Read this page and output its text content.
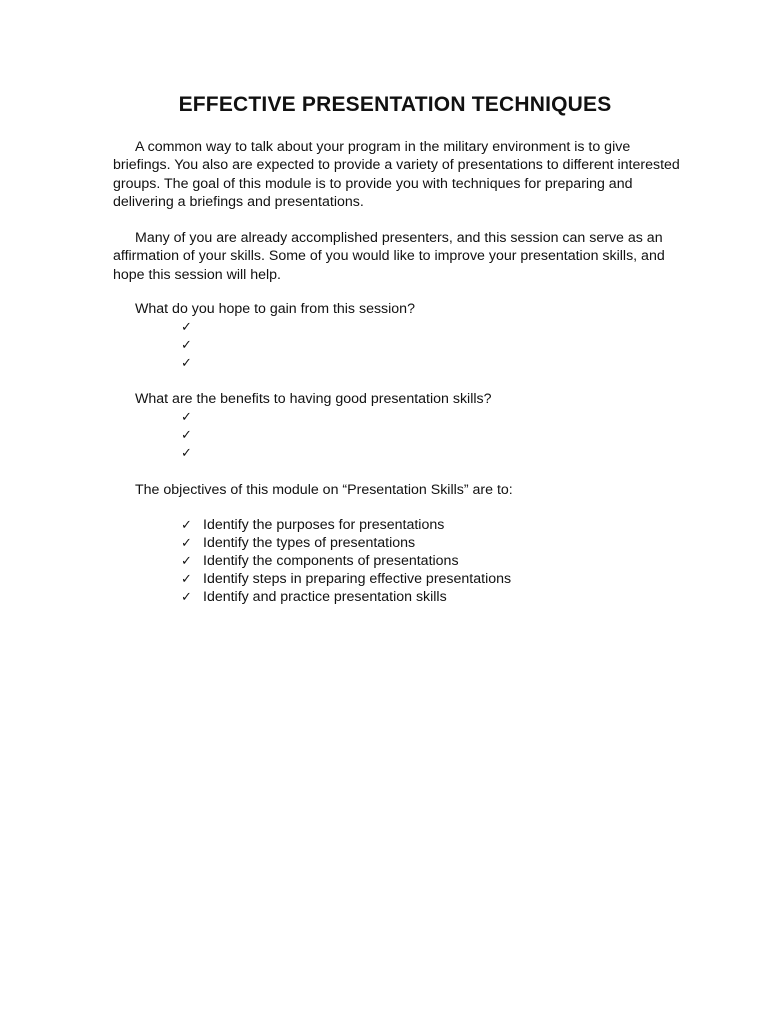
EFFECTIVE PRESENTATION TECHNIQUES
A common way to talk about your program in the military environment is to give briefings. You also are expected to provide a variety of presentations to different interested groups. The goal of this module is to provide you with techniques for preparing and delivering a briefings and presentations.
Many of you are already accomplished presenters, and this session can serve as an affirmation of your skills. Some of you would like to improve your presentation skills, and hope this session will help.
What do you hope to gain from this session?
✓
✓
✓
What are the benefits to having good presentation skills?
✓
✓
✓
The objectives of this module on “Presentation Skills” are to:
✓ Identify the purposes for presentations
✓ Identify the types of presentations
✓ Identify the components of presentations
✓ Identify steps in preparing effective presentations
✓ Identify and practice presentation skills
